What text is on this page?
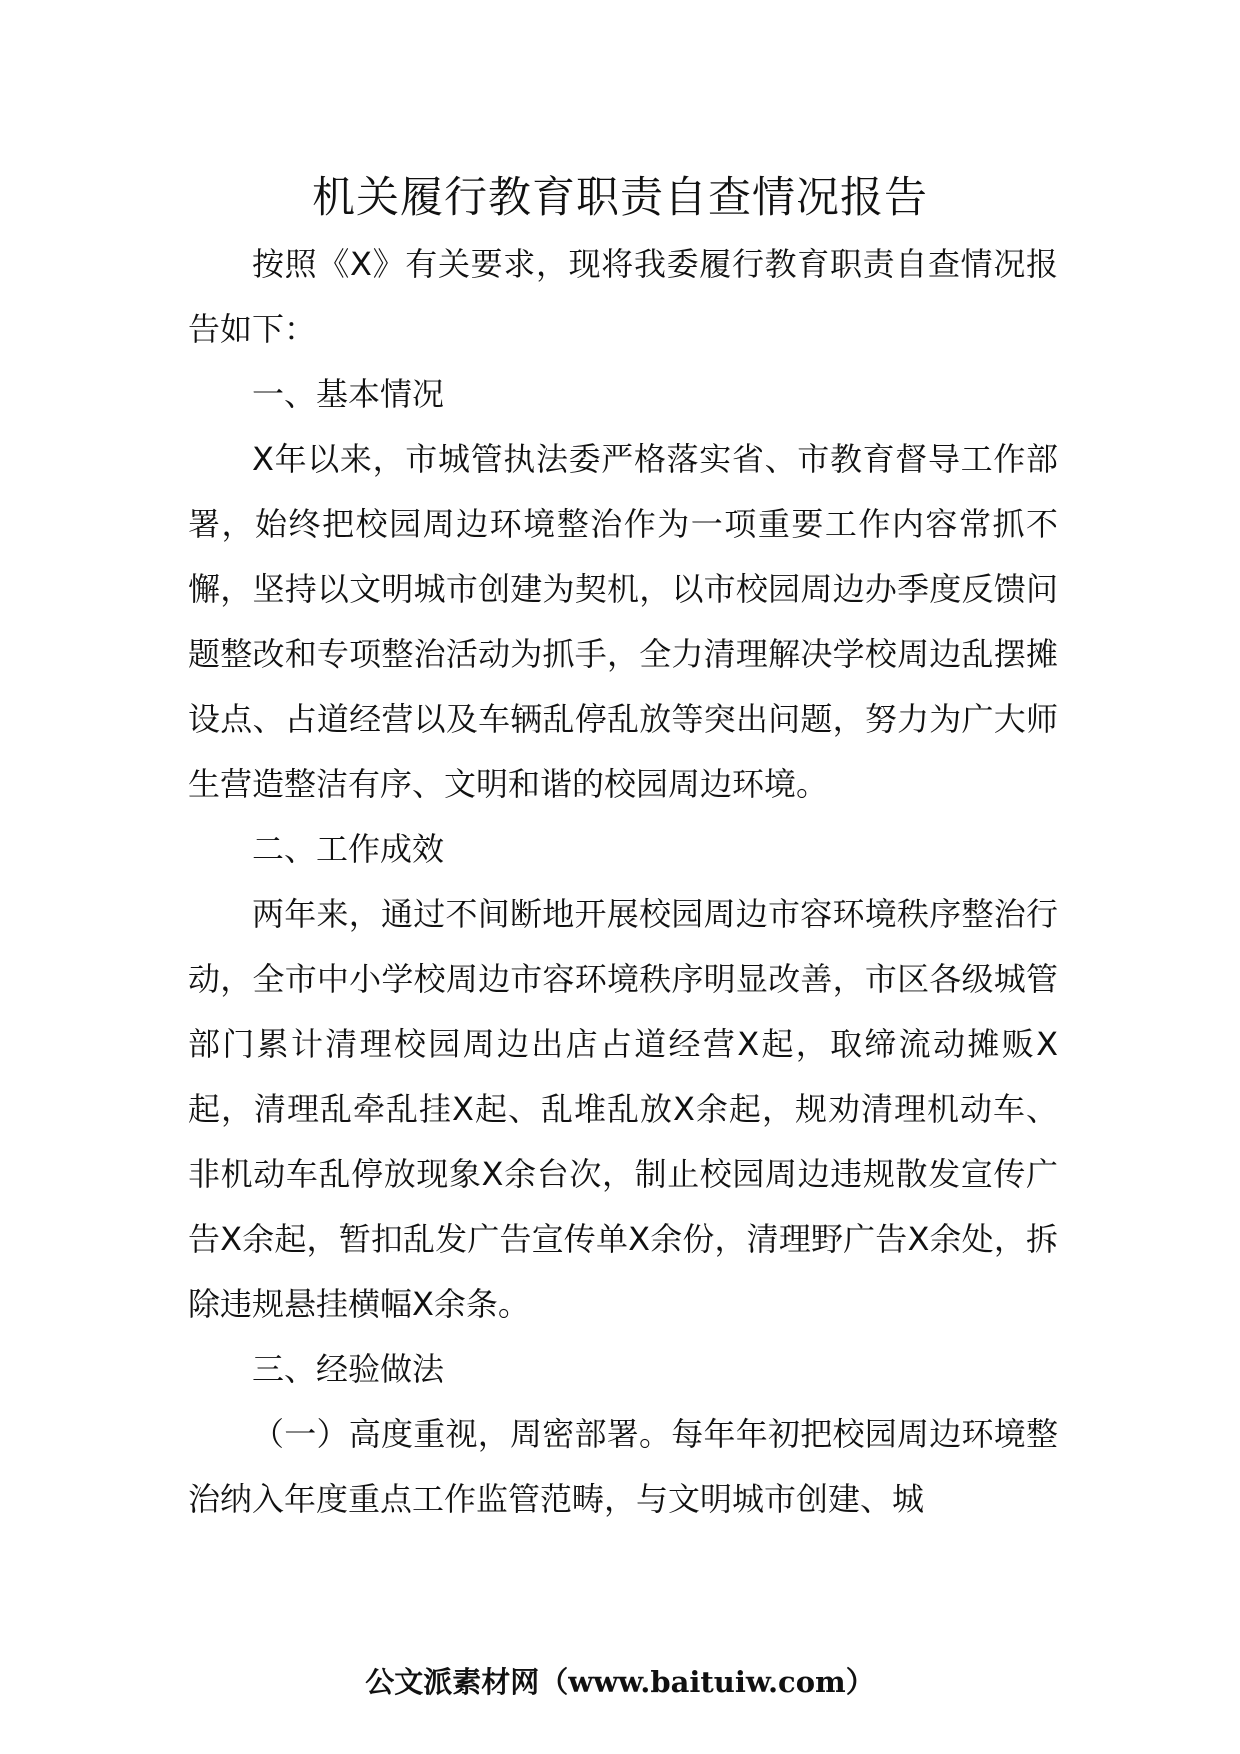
机关履行教育职责自查情况报告

按照《X》有关要求，现将我委履行教育职责自查情况报告如下：

一、基本情况

X年以来，市城管执法委严格落实省、市教育督导工作部署，始终把校园周边环境整治作为一项重要工作内容常抓不懈，坚持以文明城市创建为契机，以市校园周边办季度反馈问题整改和专项整治活动为抓手，全力清理解决学校周边乱摆摊设点、占道经营以及车辆乱停乱放等突出问题，努力为广大师生营造整洁有序、文明和谐的校园周边环境。

二、工作成效

两年来，通过不间断地开展校园周边市容环境秩序整治行动，全市中小学校周边市容环境秩序明显改善，市区各级城管部门累计清理校园周边出店占道经营X起，取缔流动摊贩X起，清理乱牵乱挂X起、乱堆乱放X余起，规劝清理机动车、非机动车乱停放现象X余台次，制止校园周边违规散发宣传广告X余起，暂扣乱发广告宣传单X余份，清理野广告X余处，拆除违规悬挂横幅X余条。

三、经验做法

（一）高度重视，周密部署。每年年初把校园周边环境整治纳入年度重点工作监管范畴，与文明城市创建、城

公文派素材网（www.baituiw.com）
